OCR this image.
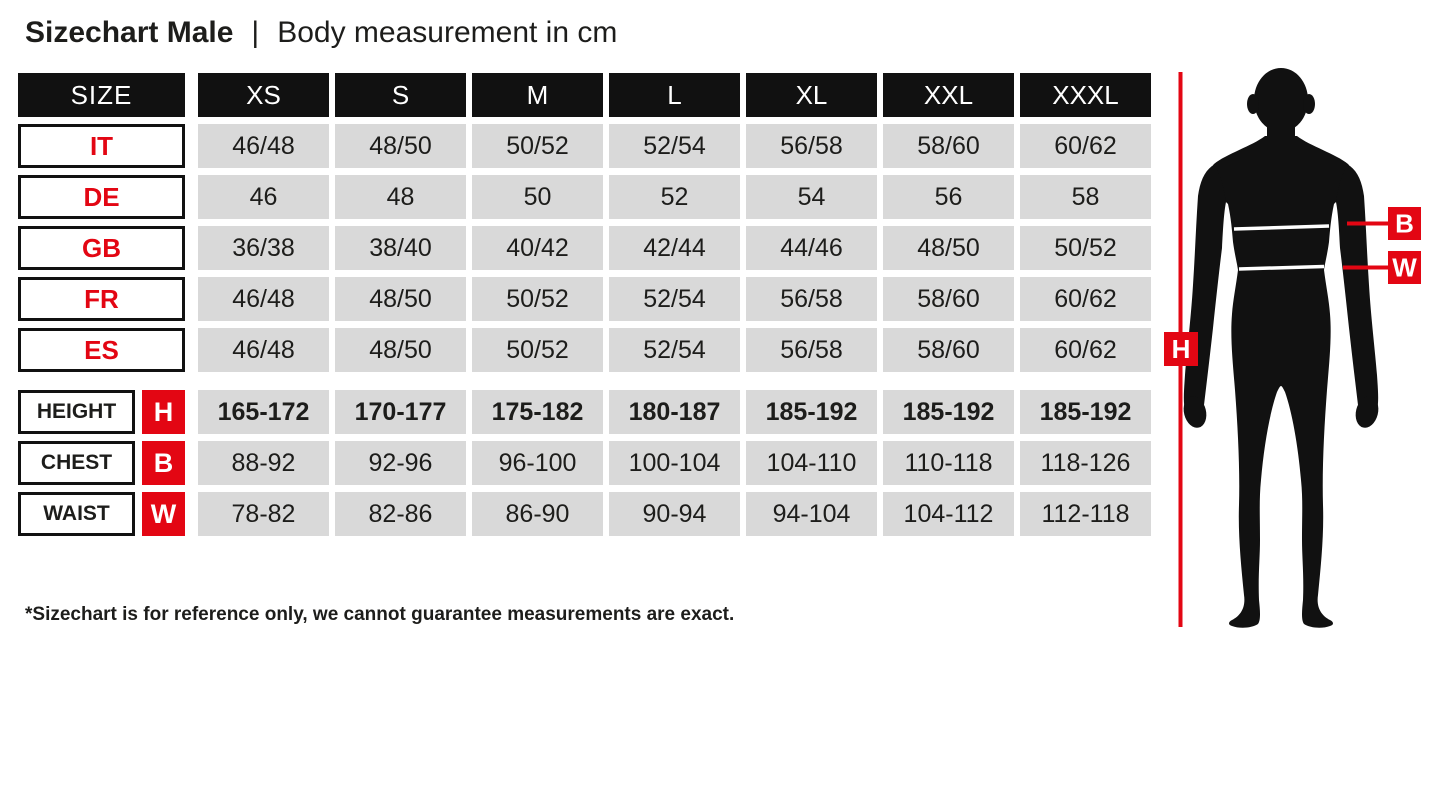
Sizechart Male | Body measurement in cm
SIZE	XS	S	M	L	XL	XXL	XXXL
IT	46/48	48/50	50/52	52/54	56/58	58/60	60/62
DE	46	48	50	52	54	56	58
GB	36/38	38/40	40/42	42/44	44/46	48/50	50/52
FR	46/48	48/50	50/52	52/54	56/58	58/60	60/62
ES	46/48	48/50	50/52	52/54	56/58	58/60	60/62
HEIGHT	H	165-172	170-177	175-182	180-187	185-192	185-192	185-192
CHEST	B	88-92	92-96	96-100	100-104	104-110	110-118	118-126
WAIST	W	78-82	82-86	86-90	90-94	94-104	104-112	112-118
*Sizechart is for reference only, we cannot guarantee measurements are exact.
B
W
H
